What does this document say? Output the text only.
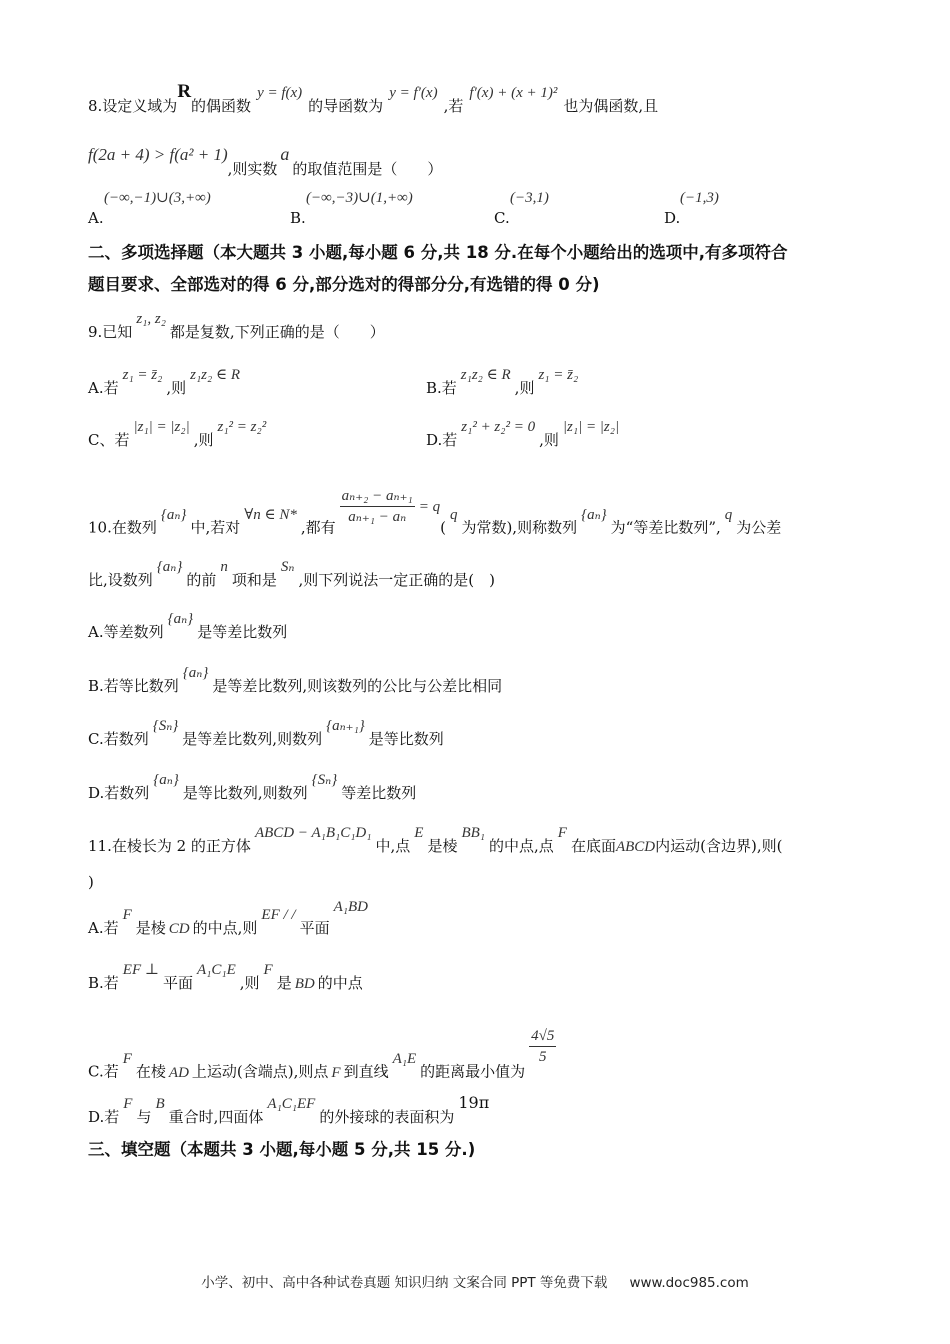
8.设定义域为R的偶函数y = f(x)的导函数为y = f′(x),若f′(x) + (x + 1)²也为偶函数,且
f(2a + 4) > f(a² + 1),则实数a的取值范围是（　　）
(−∞,−1)∪(3,+∞)
A.
(−∞,−3)∪(1,+∞)
B.
(−3,1)
C.
(−1,3)
D.
二、多项选择题（本大题共 3 小题,每小题 6 分,共 18 分.在每个小题给出的选项中,有多项符合
题目要求、全部选对的得 6 分,部分选对的得部分分,有选错的得 0 分)
9.已知z₁, z₂都是复数,下列正确的是（　　）
A.若z₁ = z̄₂,则z₁z₂ ∈ R
B.若z₁z₂ ∈ R,则z₁ = z̄₂
C、若|z₁| = |z₂|,则z₁² = z₂²
D.若z₁² + z₂² = 0,则|z₁| = |z₂|
10.在数列{aₙ}中,若对∀n ∈ N*,都有
$\frac{\text{aₙ₊₂ − aₙ₊₁}}{\text{aₙ₊₁ − aₙ}} = q(q$为常数),则称数列{aₙ}为“等差比数列”,q为公差
比,设数列{aₙ}的前n项和是Sₙ,则下列说法一定正确的是(　)
A.等差数列{aₙ}是等差比数列
B.若等比数列{aₙ}是等差比数列,则该数列的公比与公差比相同
C.若数列{Sₙ}是等差比数列,则数列{aₙ₊₁}是等比数列
D.若数列{aₙ}是等比数列,则数列{Sₙ}等差比数列
11.在棱长为 2 的正方体ABCD − A₁B₁C₁D₁中,点E是棱BB₁的中点,点F在底面ABCD内运动(含边界),则(
)
A.若F是棱 CD 的中点,则EF / /平面A₁BD
B.若EF ⊥平面A₁C₁E,则F是 BD 的中点
C.若F在棱 AD 上运动(含端点),则点 F 到直线A₁E的距离最小值为
$\frac{4√5}{5}$
D.若F与B重合时,四面体A₁C₁EF的外接球的表面积为19π
三、填空题（本题共 3 小题,每小题 5 分,共 15 分.)
小学、初中、高中各种试卷真题 知识归纳 文案合同 PPT 等免费下载 www.doc985.com
